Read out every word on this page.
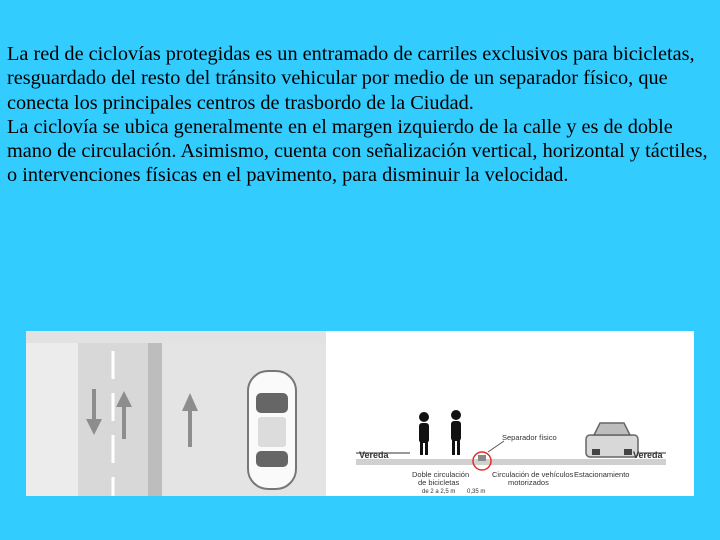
La red de ciclovías protegidas es un entramado de carriles exclusivos para bicicletas, resguardado del resto del tránsito vehicular por medio de un separador físico, que conecta los principales centros de trasbordo de la Ciudad.

La ciclovía se ubica generalmente en el margen izquierdo de la calle y es de doble mano de circulación. Asimismo, cuenta con señalización vertical, horizontal y táctiles, o intervenciones físicas en el pavimento, para disminuir la velocidad.

Vereda	Vereda
Separador físico
Doble circulación
de bicicletas
de 2 a 2,5 m 0,35 m
Circulación de vehículos
motorizados
Estacionamiento
